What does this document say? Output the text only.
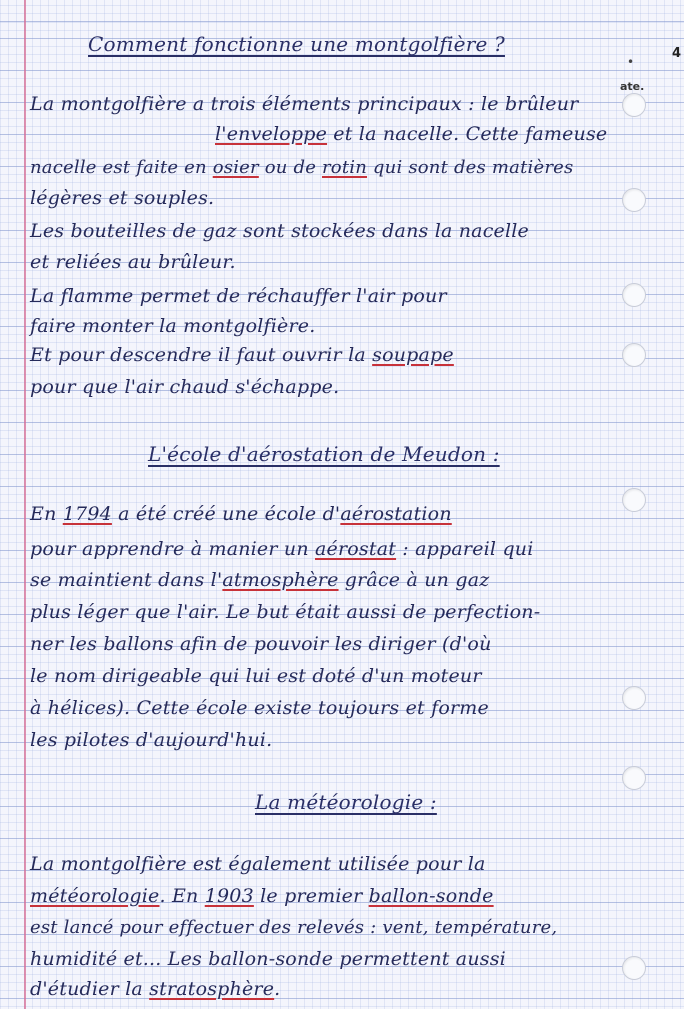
4
•
ate.
Comment fonctionne une montgolfière ?
La montgolfière a trois éléments principaux : le brûleur
l'enveloppe et la nacelle. Cette fameuse
nacelle est faite en osier ou de rotin qui sont des matières
légères et souples.
Les bouteilles de gaz sont stockées dans la nacelle
et reliées au brûleur.
La flamme permet de réchauffer l'air pour
faire monter la montgolfière.
Et pour descendre il faut ouvrir la soupape
pour que l'air chaud s'échappe.
L'école d'aérostation de Meudon :
En 1794 a été créé une école d'aérostation
pour apprendre à manier un aérostat : appareil qui
se maintient dans l'atmosphère grâce à un gaz
plus léger que l'air. Le but était aussi de perfection-
ner les ballons afin de pouvoir les diriger (d'où
le nom dirigeable qui lui est doté d'un moteur
à hélices). Cette école existe toujours et forme
les pilotes d'aujourd'hui.
La météorologie :
La montgolfière est également utilisée pour la
météorologie. En 1903 le premier ballon-sonde
est lancé pour effectuer des relevés : vent, température,
humidité et... Les ballon-sonde permettent aussi
d'étudier la stratosphère.
